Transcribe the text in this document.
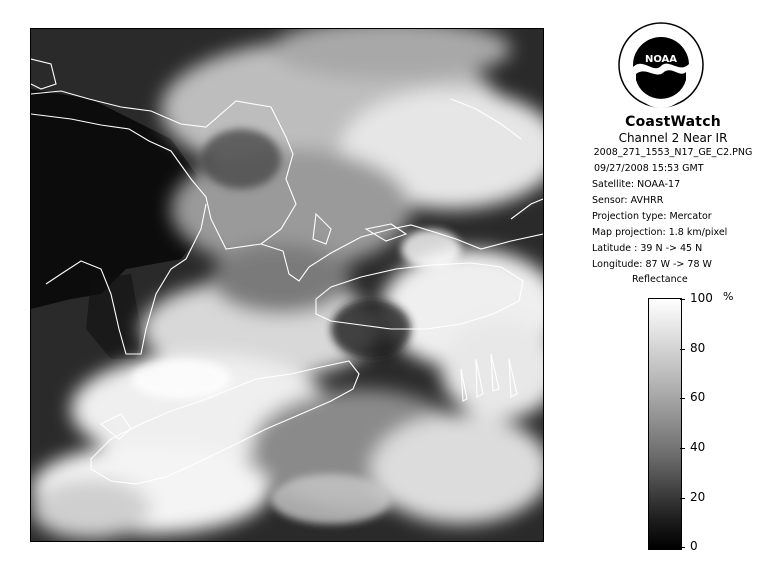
NOAA
CoastWatch
Channel 2 Near IR
2008_271_1553_N17_GE_C2.PNG
09/27/2008 15:53 GMT
Satellite: NOAA-17
Sensor: AVHRR
Projection type: Mercator
Map projection: 1.8 km/pixel
Latitude : 39 N -> 45 N
Longitude: 87 W -> 78 W
Reflectance
%
100
80
60
40
20
0
